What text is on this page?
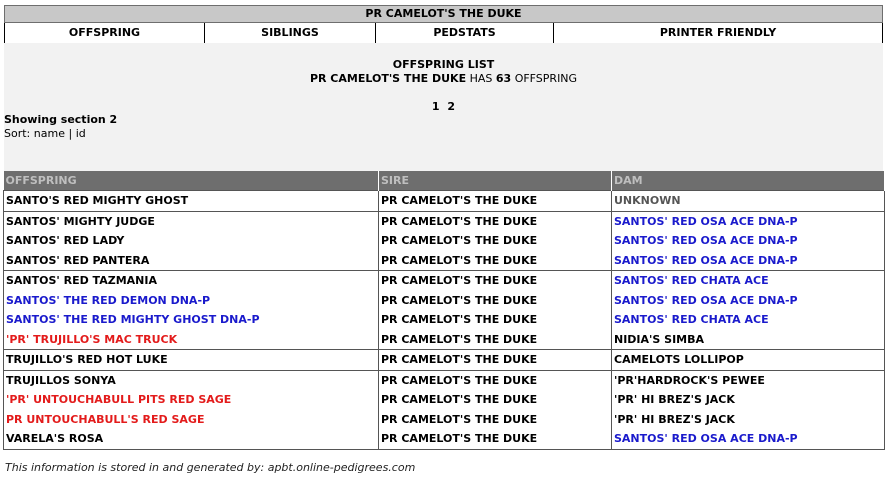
PR CAMELOT'S THE DUKE
OFFSPRING	SIBLINGS	PEDSTATS	PRINTER FRIENDLY
OFFSPRING LIST
PR CAMELOT'S THE DUKE HAS 63 OFFSPRING
1 2
Showing section 2
Sort: name | id
OFFSPRING	SIRE	DAM
SANTO'S RED MIGHTY GHOST	PR CAMELOT'S THE DUKE	UNKNOWN
SANTOS' MIGHTY JUDGE	PR CAMELOT'S THE DUKE	SANTOS' RED OSA ACE DNA-P
SANTOS' RED LADY	PR CAMELOT'S THE DUKE	SANTOS' RED OSA ACE DNA-P
SANTOS' RED PANTERA	PR CAMELOT'S THE DUKE	SANTOS' RED OSA ACE DNA-P
SANTOS' RED TAZMANIA	PR CAMELOT'S THE DUKE	SANTOS' RED CHATA ACE
SANTOS' THE RED DEMON DNA-P	PR CAMELOT'S THE DUKE	SANTOS' RED OSA ACE DNA-P
SANTOS' THE RED MIGHTY GHOST DNA-P	PR CAMELOT'S THE DUKE	SANTOS' RED CHATA ACE
'PR' TRUJILLO'S MAC TRUCK	PR CAMELOT'S THE DUKE	NIDIA'S SIMBA
TRUJILLO'S RED HOT LUKE	PR CAMELOT'S THE DUKE	CAMELOTS LOLLIPOP
TRUJILLOS SONYA	PR CAMELOT'S THE DUKE	'PR'HARDROCK'S PEWEE
'PR' UNTOUCHABULL PITS RED SAGE	PR CAMELOT'S THE DUKE	'PR' HI BREZ'S JACK
PR UNTOUCHABULL'S RED SAGE	PR CAMELOT'S THE DUKE	'PR' HI BREZ'S JACK
VARELA'S ROSA	PR CAMELOT'S THE DUKE	SANTOS' RED OSA ACE DNA-P
This information is stored in and generated by: apbt.online-pedigrees.com
